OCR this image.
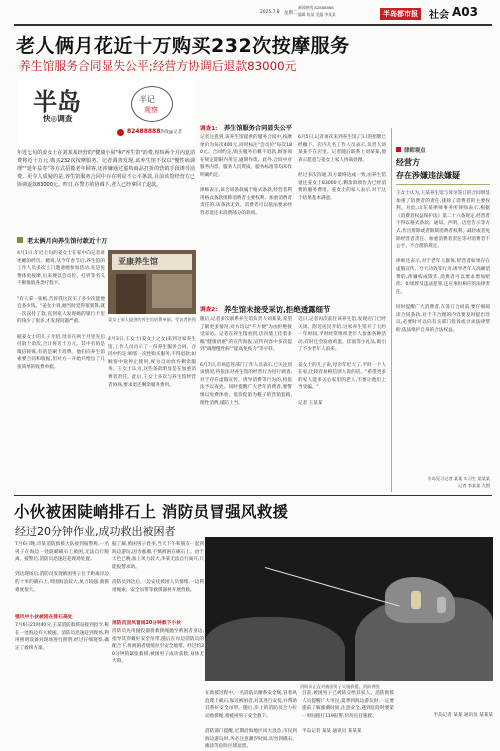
2025.7.8 星期二
新闻热线 82888888
编辑 陈某 美编 李某某	半岛都市报	社会 A03
老人俩月花近十万购买232次按摩服务
养生馆服务合同显失公平;经营方协调后退款83000元
半岛
快◎调查
半记
观察
82488888 热线@记者
年近七旬的姜女士在刘某某经营的"健康小屋"和"养生馆"消费,短短两个月内竟消费将近十万元,购买232次按摩服务。记者调查发现,该养生馆不仅以"慢性病调理""延年益寿"等方式招揽老年顾客,还涉嫌通过虚构商品打折的营销手段诱导消费。更令人质疑的是,养生馆服务合同中存在明显不公平条款,目前该馆经营方已协调退款83000元。昨日,在警方的协调下,老人已经拿回了退款。
老太俩月向养生馆付款近十万
4月1日,年近七旬的姜女士在家中向记者讲述她的经历。她说,从今年春节后,养生馆的工作人员多次上门邀请她参加活动,先是免费体验按摩,后来便以会员价、打折等名义不断推销各类疗程卡。

"有人拿一张纸,告诉我这次买了多少次能便宜多少钱。"姜女士说,她当时觉得很划算,就一次次付了款,直到家人发现她的银行卡里的钱少了很多,才发现问题严重。

据姜女士的儿子介绍,母亲在两个月里先后付款十余次,合计将近十万元。其中有的是微信转账,有的是刷卡消费。他们向养生馆索要合同和收据,但对方一开始只给出了几张简单的收费单据。
亚康养生馆
姜女士家人提供的养生馆收费单据。受访者供图
4月3日,王女士(姜女士之女)来到这家养生馆,工作人员出示了一份养生服务合同。合同中约定:顾客一次性购买服务,不得退款;如顾客中途停止使用,视为自动放弃剩余服务。王女士认为,这些条款明显是在加重消费者责任。此后,王女士多次与养生馆经营者协商,要求退还剩余服务费用。
调查1: 养生馆服务合同显失公平
记者注意到,该养生馆提供的服务合同中,按摩单价为每次400元,同时标注"会员价"每次180元。合同约定,购买服务后概不退款,顾客须在规定期限内用完,逾期作废。此外,合同中对服务内容、服务人员资质、服务标准等均未作明确约定。

律师表示,该合同条款属于格式条款,经营者利用格式条款排除消费者主要权利、加重消费者责任的,该条款无效。消费者可以依法要求经营者退还未消费部分的款项。
6月5日,记者再次来到养生馆,门口的招牌已经撤下。店内几名工作人员表示,负责人刘某某不在店里。记者随后联系上刘某某,他表示愿意与姜女士家人协商处理。

经过多次沟通,双方最终达成一致,由养生馆退还姜女士83000元,剩余款项作为已经消费的服务费用。姜女士的家人表示,对于这个结果基本满意。
调查2: 养生馆未接受采访,拒绝透露细节
随后,记者多次联系养生馆负责人刘某某,希望了解更多情况,对方均以"不方便"为由拒绝接受采访。记者在养生馆看到,店内墙上挂着多幅"健康讲座"的宣传海报,宣传内容中多次提到"调理慢性病""提高免疫力"等字样。

6月7日,市场监管部门工作人员表示,已关注到该情况,将依法对养生馆的经营行为进行调查,对于存在虚假宣传、诱导消费等行为的,将依法予以查处。同时提醒广大老年消费者,要警惕以免费体验、低价促销为幌子的营销套路,理性消费,谨防上当。
近日,记者再次前往该养生馆,发现店门已经关闭。附近居民介绍,这家养生馆开了大约一年时间,平时经常组织老年人参加各种活动,有时还会发放鸡蛋、挂面等小礼品,吸引了不少老年人前来。

姜女士的儿子说,母亲年纪大了,平时一个人在家,比较容易相信别人说的话。"希望更多的家人能多关心家里的老人,不要让他们上当受骗。"

记者 王某某
律师观点
经营方
存在涉嫌违法嫌疑
王女士认为,王某养生馆与母亲签订的合同明显加重了消费者的责任,排除了消费者的主要权利。对此,山东某律师事务所律师表示,根据《消费者权益保护法》第二十六条规定,经营者不得以格式条款、通知、声明、店堂告示等方式,作出排除或者限制消费者权利、减轻或者免除经营者责任、加重消费者责任等对消费者不公平、不合理的规定。

律师还表示,对于老年人群体,经营者如果存在虚假宣传、夸大功效等行为,诱导老年人高额消费的,涉嫌构成欺诈,消费者可以要求增加赔偿。如果涉及违法犯罪,还应承担相应的法律责任。

同时提醒广大消费者,在签订合同前,要仔细阅读合同条款,对于不合理的内容要及时提出异议,必要时可以向有关部门投诉或寻求法律帮助,依法维护自身的合法权益。
半岛见习记者 某某 实习生 某某某
记者 李某某 大图
小伙被困陡峭排石上 消防员冒强风救援
经过20分钟作业,成功救出被困者
7月6日晚,市某消防救援大队接到报警称,一名男子在海边一处陡峭礁石上被困,无法自行脱离。接警后,消防员迅速赶赴现场处置。

到达现场后,消防员发现被困男子位于距离岸边约十米的礁石上,周围海浪较大,风力较强,救援难度很大。
强风中小伙被困在排石高处
7月6日21时40分,王某消防救援站接到指令,称在一处海边有人被困。消防员迅速赶到现场,利用照明设备对现场进行照明,经过仔细观察,确定了救援方案。
据了解,被困男子姓李,当天下午和朋友一起到海边游玩,因为涨潮,不慎被困在礁石上。由于天色已晚,加上风力较大,李某无法自行离开,只能报警求助。

消防员到达后,一边安抚被困人员情绪,一边利用绳索、安全吊带等救援器材开展营救。
消防员顶风冒雨20分钟救下小伙
消防员先用抛投器将救援绳抛至被困者身边,指导其穿戴好安全吊带,随后在岸边消防员的配合下,将被困者缓缓拉至安全地带。经过约20分钟的紧张救援,被困男子成功获救,身体无大碍。
消防员正在对被困男子实施救援。消防供图
在救援过程中,一名消防员腰系安全绳,冒着风浪爬上礁石,靠近被困者,对其进行安抚,并帮助其系好安全吊带。随后,岸上的消防员合力拉动救援绳,将被困男子安全救下。

消防部门提醒,近期沿海地区风大浪急,市民到海边游玩时,务必注意潮汐时间,切勿到礁石、滩涂等危险区域逗留。
目前,被困男子已被转交给其家人。消防救援人员提醒广大市民,夏季到海边游玩时,一定要提前了解涨潮时间,注意安全,遇到危险时要第一时间拨打119报警,切勿盲目施救。

半岛记者 某某 通讯员 某某某
半岛记者 某某 通讯员 某某某
